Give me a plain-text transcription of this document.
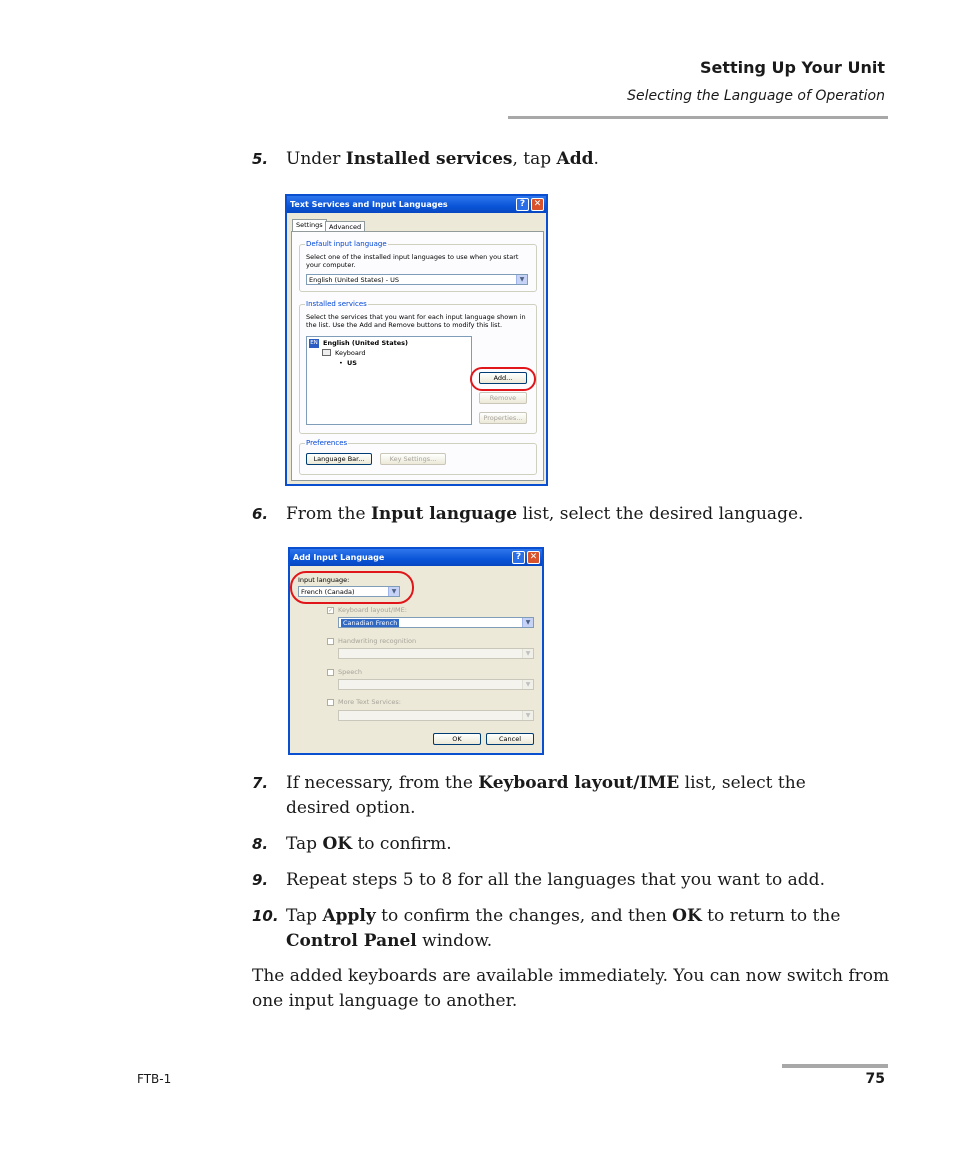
Setting Up Your Unit
Selecting the Language of Operation
5. Under Installed services, tap Add.
Text Services and Input Languages	? ✕
Settings Advanced
Default input language
Select one of the installed input languages to use when you start your computer.
English (United States) - US	▼
Installed services
Select the services that you want for each input language shown in the list. Use the Add and Remove buttons to modify this list.
EN English (United States)
Keyboard
• US
Add...
Remove
Properties...
Preferences
Language Bar...	Key Settings...
6. From the Input language list, select the desired language.
Add Input Language	? ✕
Input language:
French (Canada)	▼
✓ Keyboard layout/IME:
Canadian French	▼
Handwriting recognition
▼
Speech
▼
More Text Services:
▼
OK	Cancel
7. If necessary, from the Keyboard layout/IME list, select the desired option.
8. Tap OK to confirm.
9. Repeat steps 5 to 8 for all the languages that you want to add.
10. Tap Apply to confirm the changes, and then OK to return to the Control Panel window.
The added keyboards are available immediately. You can now switch from one input language to another.
FTB-1	75
